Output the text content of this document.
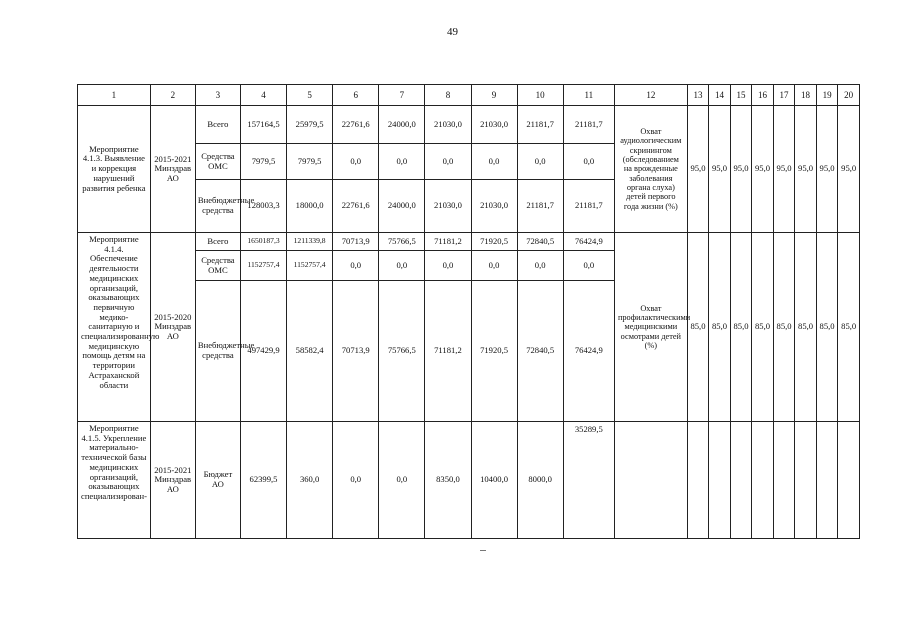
49
1	2	3	4	5	6	7	8	9	10	11	12	13	14	15	16	17	18	19	20
Мероприятие 4.1.3. Выявление и коррекция нарушений развития ребенка	2015-2021 Минздрав АО	Всего	157164,5	25979,5	22761,6	24000,0	21030,0	21030,0	21181,7	21181,7	Охват аудиологическим скринингом (обследованием на врожденные заболевания органа слуха) детей первого года жизни (%)	95,0	95,0	95,0	95,0	95,0	95,0	95,0	95,0
		Средства ОМС	7979,5	7979,5	0,0	0,0	0,0	0,0	0,0	0,0									
		Внебюджетные средства	128003,3	18000,0	22761,6	24000,0	21030,0	21030,0	21181,7	21181,7									
Мероприятие 4.1.4. Обеспечение деятельности медицинских организаций, оказывающих первичную медико-санитарную и специализированную медицинскую помощь детям на территории Астраханской области	2015-2020 Минздрав АО	Всего	1650187,3	1211339,8	70713,9	75766,5	71181,2	71920,5	72840,5	76424,9	Охват профилактическими медицинскими осмотрами детей (%)	85,0	85,0	85,0	85,0	85,0	85,0	85,0	85,0
		Средства ОМС	1152757,4	1152757,4	0,0	0,0	0,0	0,0	0,0	0,0									
		Внебюджетные средства	497429,9	58582,4	70713,9	75766,5	71181,2	71920,5	72840,5	76424,9									
Мероприятие 4.1.5. Укрепление материально-технической базы медицинских организаций, оказывающих специализирован-	2015-2021 Минздрав АО	Бюджет АО	62399,5	360,0	0,0	0,0	8350,0	10400,0	8000,0	35289,5									
